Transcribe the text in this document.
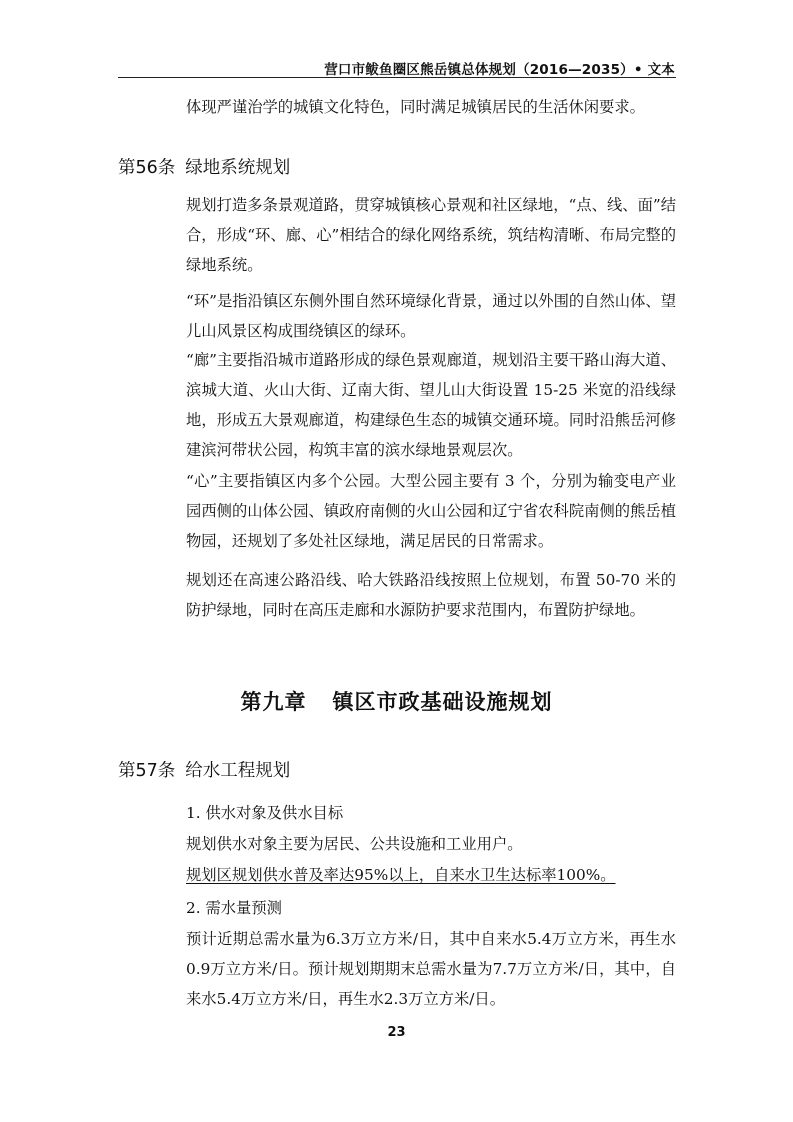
营口市鲅鱼圈区熊岳镇总体规划（2016—2035）• 文本
体现严谨治学的城镇文化特色，同时满足城镇居民的生活休闲要求。
第56条 绿地系统规划
规划打造多条景观道路，贯穿城镇核心景观和社区绿地，“点、线、面”结合，形成“环、廊、心”相结合的绿化网络系统，筑结构清晰、布局完整的绿地系统。
“环”是指沿镇区东侧外围自然环境绿化背景，通过以外围的自然山体、望儿山风景区构成围绕镇区的绿环。
“廊”主要指沿城市道路形成的绿色景观廊道，规划沿主要干路山海大道、滨城大道、火山大街、辽南大街、望儿山大街设置 15-25 米宽的沿线绿地，形成五大景观廊道，构建绿色生态的城镇交通环境。同时沿熊岳河修建滨河带状公园，构筑丰富的滨水绿地景观层次。
“心”主要指镇区内多个公园。大型公园主要有 3 个，分别为输变电产业园西侧的山体公园、镇政府南侧的火山公园和辽宁省农科院南侧的熊岳植物园，还规划了多处社区绿地，满足居民的日常需求。
规划还在高速公路沿线、哈大铁路沿线按照上位规划，布置 50-70 米的防护绿地，同时在高压走廊和水源防护要求范围内，布置防护绿地。
第九章 镇区市政基础设施规划
第57条 给水工程规划
1. 供水对象及供水目标
规划供水对象主要为居民、公共设施和工业用户。
规划区规划供水普及率达95%以上，自来水卫生达标率100%。
2. 需水量预测
预计近期总需水量为6.3万立方米/日，其中自来水5.4万立方米，再生水0.9万立方米/日。预计规划期期末总需水量为7.7万立方米/日，其中，自来水5.4万立方米/日，再生水2.3万立方米/日。
23
